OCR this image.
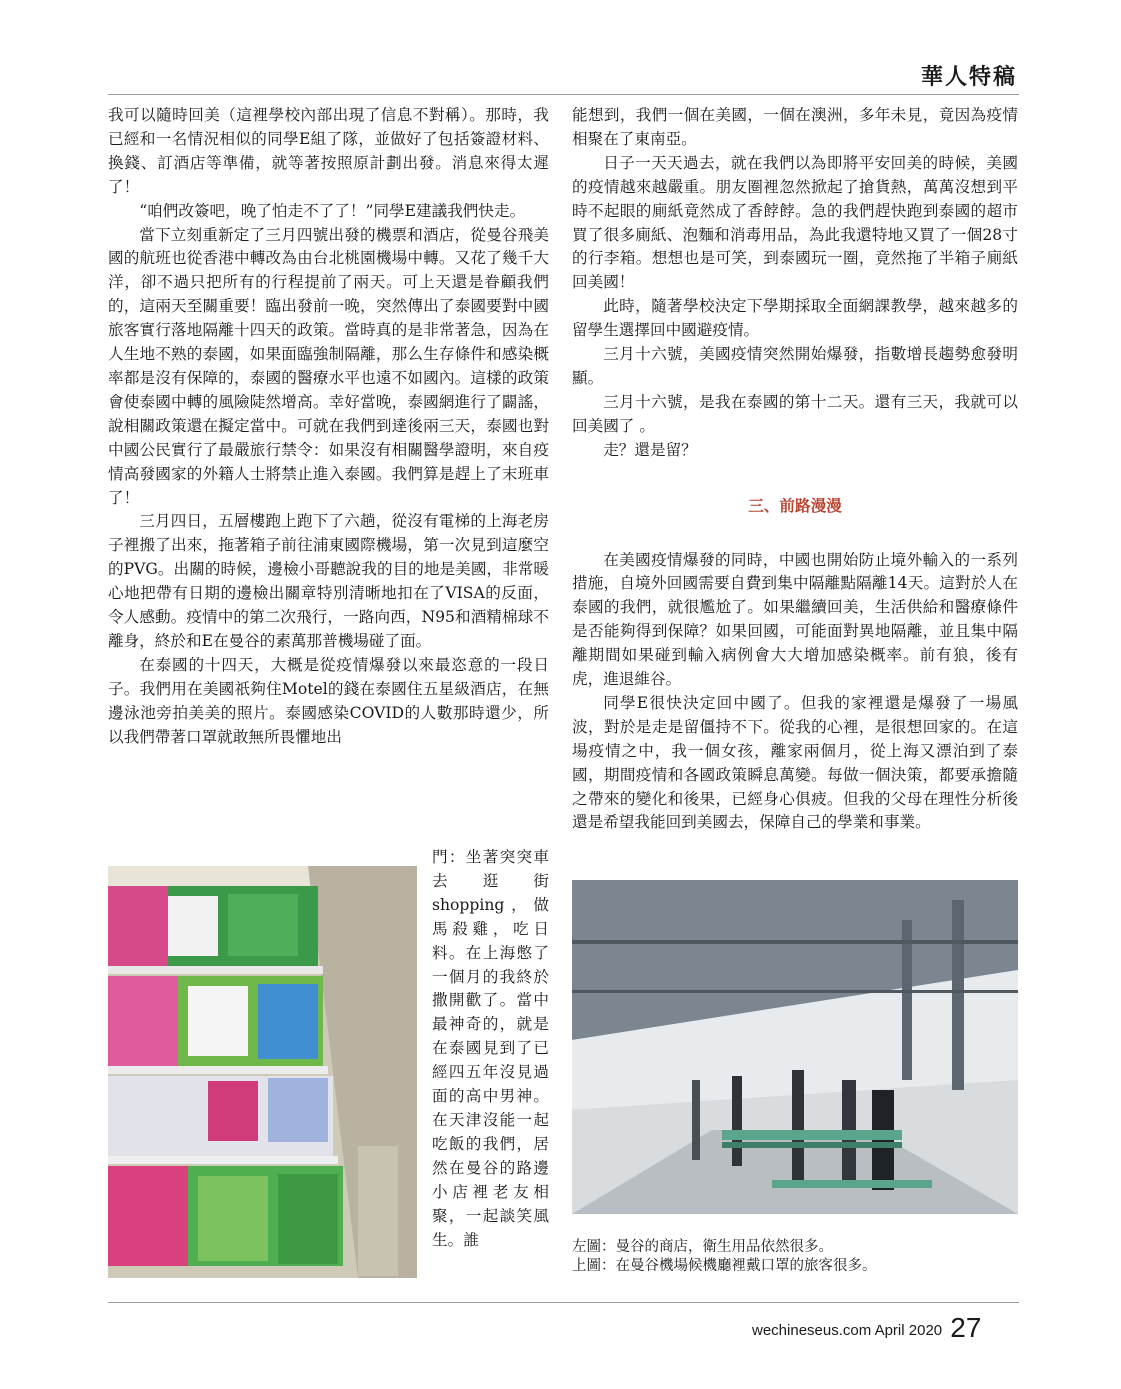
華人特稿

我可以隨時回美（這裡學校內部出現了信息不對稱）。那時，我已經和一名情況相似的同學E組了隊，並做好了包括簽證材料、換錢、訂酒店等準備，就等著按照原計劃出發。消息來得太遲了！

“咱們改簽吧，晚了怕走不了了！”同學E建議我們快走。

當下立刻重新定了三月四號出發的機票和酒店，從曼谷飛美國的航班也從香港中轉改為由台北桃園機場中轉。又花了幾千大洋，卻不過只把所有的行程提前了兩天。可上天還是眷顧我們的，這兩天至關重要！臨出發前一晚，突然傳出了泰國要對中國旅客實行落地隔離十四天的政策。當時真的是非常著急，因為在人生地不熟的泰國，如果面臨強制隔離，那么生存條件和感染概率都是沒有保障的，泰國的醫療水平也遠不如國內。這樣的政策會使泰國中轉的風險陡然增高。幸好當晚，泰國網進行了闢謠，說相關政策還在擬定當中。可就在我們到達後兩三天，泰國也對中國公民實行了最嚴旅行禁令：如果沒有相關醫學證明，來自疫情高發國家的外籍人士將禁止進入泰國。我們算是趕上了末班車了！

三月四日，五層樓跑上跑下了六趟，從沒有電梯的上海老房子裡搬了出來，拖著箱子前往浦東國際機場，第一次見到這麼空的PVG。出關的時候，邊檢小哥聽說我的目的地是美國，非常暖心地把帶有日期的邊檢出關章特別清晰地扣在了VISA的反面，令人感動。疫情中的第二次飛行，一路向西，N95和酒精棉球不離身，終於和E在曼谷的素萬那普機場碰了面。

在泰國的十四天，大概是從疫情爆發以來最恣意的一段日子。我們用在美國祇夠住Motel的錢在泰國住五星級酒店，在無邊泳池旁拍美美的照片。泰國感染COVID的人數那時還少，所以我們帶著口罩就敢無所畏懼地出

門：坐著突突車去逛街shopping，做馬殺雞，吃日料。在上海憋了一個月的我終於撒開歡了。當中最神奇的，就是在泰國見到了已經四五年沒見過面的高中男神。在天津沒能一起吃飯的我們，居然在曼谷的路邊小店裡老友相聚，一起談笑風生。誰

能想到，我們一個在美國，一個在澳洲，多年未見，竟因為疫情相聚在了東南亞。

日子一天天過去，就在我們以為即將平安回美的時候，美國的疫情越來越嚴重。朋友圈裡忽然掀起了搶貨熱，萬萬沒想到平時不起眼的廁紙竟然成了香餑餑。急的我們趕快跑到泰國的超市買了很多廁紙、泡麵和消毒用品，為此我還特地又買了一個28寸的行李箱。想想也是可笑，到泰國玩一圈，竟然拖了半箱子廁紙回美國！

此時，隨著學校決定下學期採取全面網課教學，越來越多的留學生選擇回中國避疫情。

三月十六號，美國疫情突然開始爆發，指數增長趨勢愈發明顯。

三月十六號，是我在泰國的第十二天。還有三天，我就可以回美國了 。

走？還是留？

三、前路漫漫

在美國疫情爆發的同時，中國也開始防止境外輸入的一系列措施，自境外回國需要自費到集中隔離點隔離14天。這對於人在泰國的我們，就很尷尬了。如果繼續回美，生活供給和醫療條件是否能夠得到保障？如果回國，可能面對異地隔離，並且集中隔離期間如果碰到輸入病例會大大增加感染概率。前有狼，後有虎，進退維谷。

同學E很快決定回中國了。但我的家裡還是爆發了一場風波，對於是走是留僵持不下。從我的心裡，是很想回家的。在這場疫情之中，我一個女孩，離家兩個月，從上海又漂泊到了泰國，期間疫情和各國政策瞬息萬變。每做一個決策，都要承擔隨之帶來的變化和後果，已經身心俱疲。但我的父母在理性分析後還是希望我能回到美國去，保障自己的學業和事業。

左圖：曼谷的商店，衛生用品依然很多。
上圖：在曼谷機場候機廳裡戴口罩的旅客很多。
wechineseus.com April 2020 27
